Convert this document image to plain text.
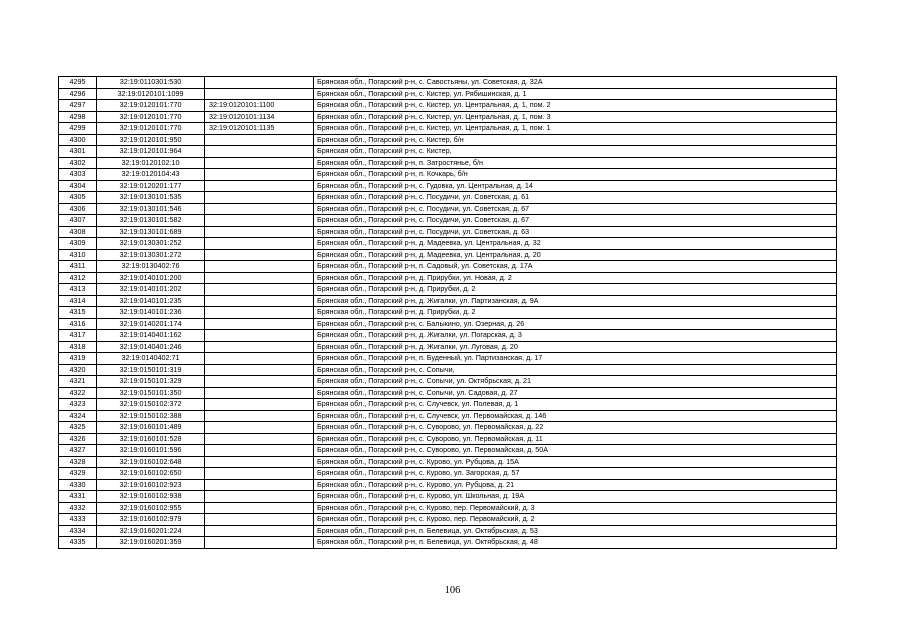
4295	32:19:0110301:530		Брянская обл., Погарский р-н, с. Савостьяны, ул. Советская, д. 32А
4296	32:19:0120101:1099		Брянская обл., Погарский р-н, с. Кистер, ул. Рябишинская, д. 1
4297	32:19:0120101:770	32:19:0120101:1100	Брянская обл., Погарский р-н, с. Кистер, ул. Центральная, д. 1, пом. 2
4298	32:19:0120101:770	32:19:0120101:1134	Брянская обл., Погарский р-н, с. Кистер, ул. Центральная, д. 1, пом. 3
4299	32:19:0120101:770	32:19:0120101:1135	Брянская обл., Погарский р-н, с. Кистер, ул. Центральная, д. 1, пом. 1
4300	32:19:0120101:950		Брянская обл., Погарский р-н, с. Кистер, б/н
4301	32:19:0120101:964		Брянская обл., Погарский р-н, с. Кистер,
4302	32:19:0120102:10		Брянская обл., Погарский р-н, п. Затростянье, б/н
4303	32:19:0120104:43		Брянская обл., Погарский р-н, п. Кочкарь, б/н
4304	32:19:0120201:177		Брянская обл., Погарский р-н, с. Гудовка, ул. Центральная, д. 14
4305	32:19:0130101:535		Брянская обл., Погарский р-н, с. Посудичи, ул. Советская, д. 61
4306	32:19:0130101:546		Брянская обл., Погарский р-н, с. Посудичи, ул. Советская, д. 67
4307	32:19:0130101:582		Брянская обл., Погарский р-н, с. Посудичи, ул. Советская, д. 67
4308	32:19:0130101:689		Брянская обл., Погарский р-н, с. Посудичи, ул. Советская, д. 63
4309	32:19:0130301:252		Брянская обл., Погарский р-н, д. Мадеевка, ул. Центральная, д. 32
4310	32:19:0130301:272		Брянская обл., Погарский р-н, д. Мадеевка, ул. Центральная, д. 20
4311	32:19:0130402:76		Брянская обл., Погарский р-н, п. Садовый, ул. Советская, д. 17А
4312	32:19:0140101:200		Брянская обл., Погарский р-н, д. Прирубки, ул. Новая, д. 2
4313	32:19:0140101:202		Брянская обл., Погарский р-н, д. Прирубки, д. 2
4314	32:19:0140101:235		Брянская обл., Погарский р-н, д. Жигалки, ул. Партизанская, д. 9А
4315	32:19:0140101:236		Брянская обл., Погарский р-н, д. Прирубки, д. 2
4316	32:19:0140201:174		Брянская обл., Погарский р-н, с. Балыкино, ул. Озерная, д. 26
4317	32:19:0140401:162		Брянская обл., Погарский р-н, д. Жигалки, ул. Погарская, д. 3
4318	32:19:0140401:246		Брянская обл., Погарский р-н, д. Жигалки, ул. Луговая, д. 20
4319	32:19:0140402:71		Брянская обл., Погарский р-н, п. Буденный, ул. Партизанская, д. 17
4320	32:19:0150101:319		Брянская обл., Погарский р-н, с. Сопычи,
4321	32:19:0150101:329		Брянская обл., Погарский р-н, с. Сопычи, ул. Октябрьская, д. 21
4322	32:19:0150101:350		Брянская обл., Погарский р-н, с. Сопычи, ул. Садовая, д. 27
4323	32:19:0150102:372		Брянская обл., Погарский р-н, с. Случевск, ул. Полевая, д. 1
4324	32:19:0150102:388		Брянская обл., Погарский р-н, с. Случевск, ул. Первомайская, д. 146
4325	32:19:0160101:489		Брянская обл., Погарский р-н, с. Суворово, ул. Первомайская, д. 22
4326	32:19:0160101:528		Брянская обл., Погарский р-н, с. Суворово, ул. Первомайская, д. 11
4327	32:19:0160101:596		Брянская обл., Погарский р-н, с. Суворово, ул. Первомайская, д. 50А
4328	32:19:0160102:648		Брянская обл., Погарский р-н, с. Курово, ул. Рубцова, д. 15А
4329	32:19:0160102:650		Брянская обл., Погарский р-н, с. Курово, ул. Загорская, д. 57
4330	32:19:0160102:923		Брянская обл., Погарский р-н, с. Курово, ул. Рубцова, д. 21
4331	32:19:0160102:938		Брянская обл., Погарский р-н, с. Курово, ул. Школьная, д. 19А
4332	32:19:0160102:955		Брянская обл., Погарский р-н, с. Курово, пер. Первомайский, д. 3
4333	32:19:0160102:979		Брянская обл., Погарский р-н, с. Курово, пер. Первомайский, д. 2
4334	32:19:0160201:224		Брянская обл., Погарский р-н, п. Белевица, ул. Октябрьская, д. 53
4335	32:19:0160201:359		Брянская обл., Погарский р-н, п. Белевица, ул. Октябрьская, д. 48
106
